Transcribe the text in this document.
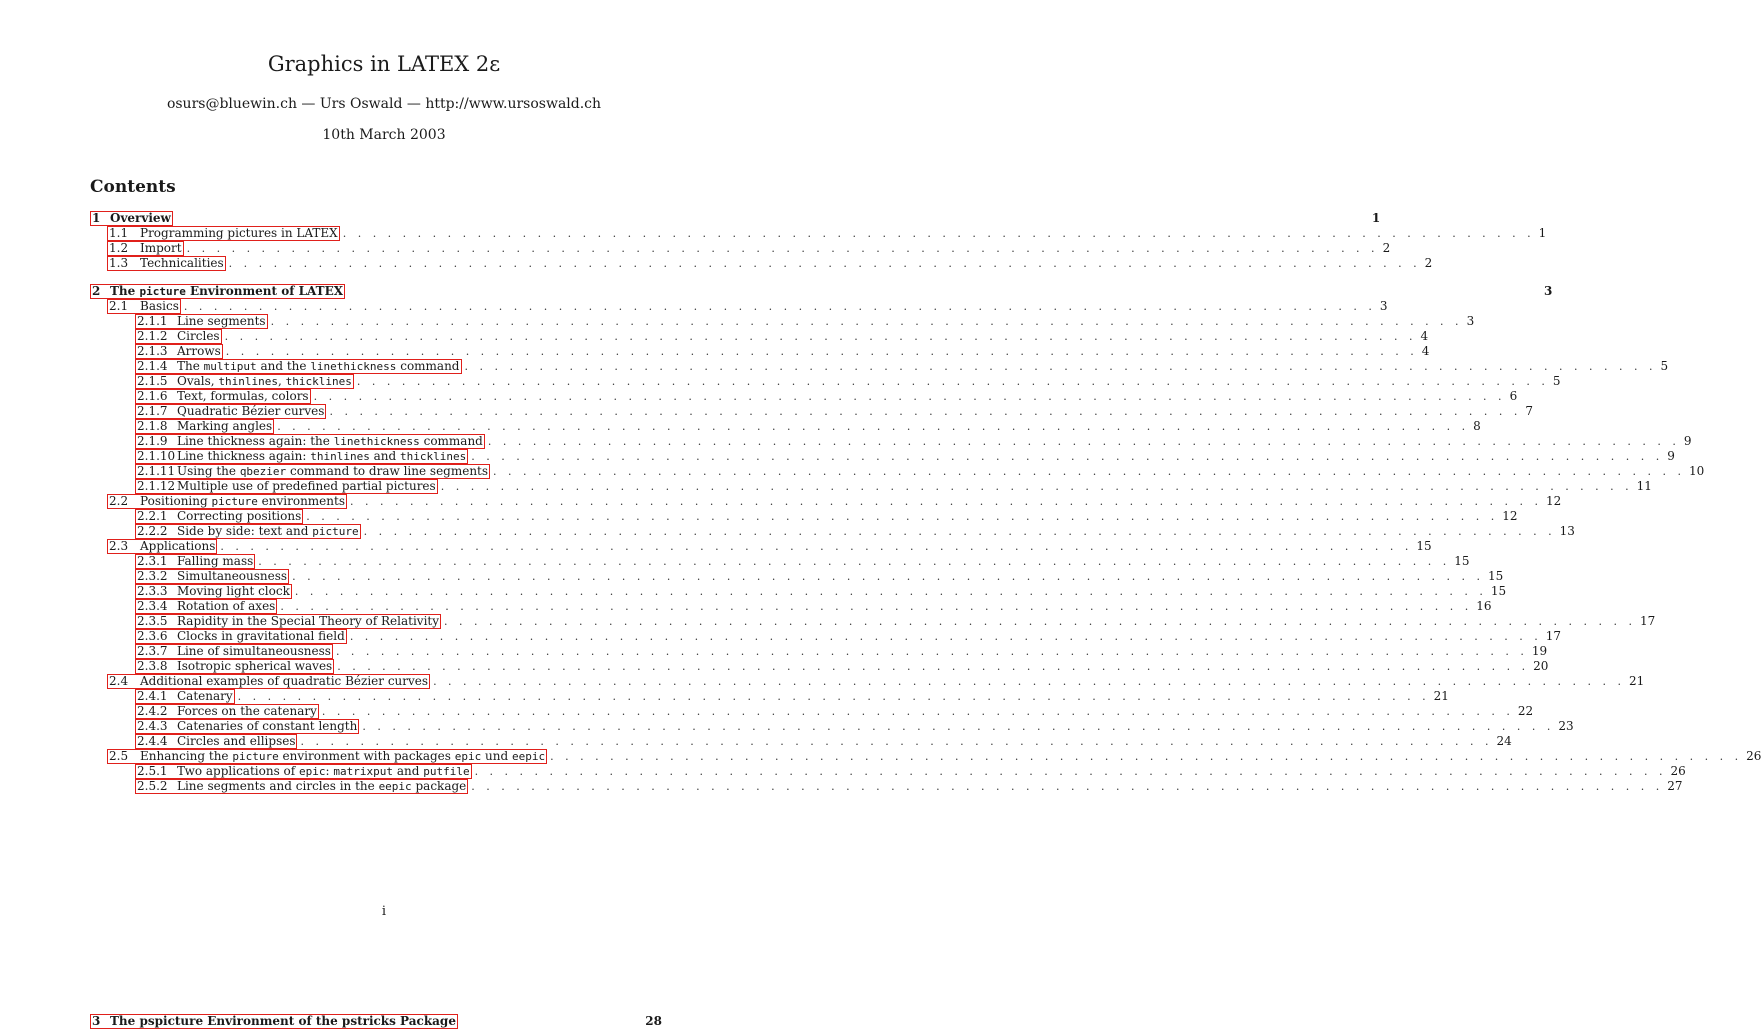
Graphics in LATEX 2ε
osurs@bluewin.ch — Urs Oswald — http://www.ursoswald.ch
10th March 2003
Contents
1 Overview	1
1.1 Programming pictures in LATEX . . . . . . . . . . . . . . . . . . . . . . . . . . . . . . . . . . . . . . . . . . . . . . . . . . . . . . . . . . . . . . . . . . . . . . . . . . . . . . . . 1
1.2 Import . . . . . . . . . . . . . . . . . . . . . . . . . . . . . . . . . . . . . . . . . . . . . . . . . . . . . . . . . . . . . . . . . . . . . . . . . . . . . . . . 2
1.3 Technicalities . . . . . . . . . . . . . . . . . . . . . . . . . . . . . . . . . . . . . . . . . . . . . . . . . . . . . . . . . . . . . . . . . . . . . . . . . . . . . . . . 2
2 The picture Environment of LATEX	3
2.1 Basics . . . . . . . . . . . . . . . . . . . . . . . . . . . . . . . . . . . . . . . . . . . . . . . . . . . . . . . . . . . . . . . . . . . . . . . . . . . . . . . . 3
2.1.1 Line segments . . . . . . . . . . . . . . . . . . . . . . . . . . . . . . . . . . . . . . . . . . . . . . . . . . . . . . . . . . . . . . . . . . . . . . . . . . . . . . . . 3
2.1.2 Circles . . . . . . . . . . . . . . . . . . . . . . . . . . . . . . . . . . . . . . . . . . . . . . . . . . . . . . . . . . . . . . . . . . . . . . . . . . . . . . . . 4
2.1.3 Arrows . . . . . . . . . . . . . . . . . . . . . . . . . . . . . . . . . . . . . . . . . . . . . . . . . . . . . . . . . . . . . . . . . . . . . . . . . . . . . . . . 4
2.1.4 The multiput and the linethickness command . . . . . . . . . . . . . . . . . . . . . . . . . . . . . . . . . . . . . . . . . . . . . . . . . . . . . . . . . . . . . . . . . . . . . . . . . . . . . . . . 5
2.1.5 Ovals, thinlines, thicklines . . . . . . . . . . . . . . . . . . . . . . . . . . . . . . . . . . . . . . . . . . . . . . . . . . . . . . . . . . . . . . . . . . . . . . . . . . . . . . . . 5
2.1.6 Text, formulas, colors . . . . . . . . . . . . . . . . . . . . . . . . . . . . . . . . . . . . . . . . . . . . . . . . . . . . . . . . . . . . . . . . . . . . . . . . . . . . . . . . 6
2.1.7 Quadratic Bézier curves . . . . . . . . . . . . . . . . . . . . . . . . . . . . . . . . . . . . . . . . . . . . . . . . . . . . . . . . . . . . . . . . . . . . . . . . . . . . . . . . 7
2.1.8 Marking angles . . . . . . . . . . . . . . . . . . . . . . . . . . . . . . . . . . . . . . . . . . . . . . . . . . . . . . . . . . . . . . . . . . . . . . . . . . . . . . . . 8
2.1.9 Line thickness again: the linethickness command . . . . . . . . . . . . . . . . . . . . . . . . . . . . . . . . . . . . . . . . . . . . . . . . . . . . . . . . . . . . . . . . . . . . . . . . . . . . . . . . 9
2.1.10 Line thickness again: thinlines and thicklines . . . . . . . . . . . . . . . . . . . . . . . . . . . . . . . . . . . . . . . . . . . . . . . . . . . . . . . . . . . . . . . . . . . . . . . . . . . . . . . . 9
2.1.11 Using the qbezier command to draw line segments . . . . . . . . . . . . . . . . . . . . . . . . . . . . . . . . . . . . . . . . . . . . . . . . . . . . . . . . . . . . . . . . . . . . . . . . . . . . . . . . 10
2.1.12 Multiple use of predefined partial pictures . . . . . . . . . . . . . . . . . . . . . . . . . . . . . . . . . . . . . . . . . . . . . . . . . . . . . . . . . . . . . . . . . . . . . . . . . . . . . . . . 11
2.2 Positioning picture environments . . . . . . . . . . . . . . . . . . . . . . . . . . . . . . . . . . . . . . . . . . . . . . . . . . . . . . . . . . . . . . . . . . . . . . . . . . . . . . . . 12
2.2.1 Correcting positions . . . . . . . . . . . . . . . . . . . . . . . . . . . . . . . . . . . . . . . . . . . . . . . . . . . . . . . . . . . . . . . . . . . . . . . . . . . . . . . . 12
2.2.2 Side by side: text and picture . . . . . . . . . . . . . . . . . . . . . . . . . . . . . . . . . . . . . . . . . . . . . . . . . . . . . . . . . . . . . . . . . . . . . . . . . . . . . . . . 13
2.3 Applications . . . . . . . . . . . . . . . . . . . . . . . . . . . . . . . . . . . . . . . . . . . . . . . . . . . . . . . . . . . . . . . . . . . . . . . . . . . . . . . . 15
2.3.1 Falling mass . . . . . . . . . . . . . . . . . . . . . . . . . . . . . . . . . . . . . . . . . . . . . . . . . . . . . . . . . . . . . . . . . . . . . . . . . . . . . . . . 15
2.3.2 Simultaneousness . . . . . . . . . . . . . . . . . . . . . . . . . . . . . . . . . . . . . . . . . . . . . . . . . . . . . . . . . . . . . . . . . . . . . . . . . . . . . . . . 15
2.3.3 Moving light clock . . . . . . . . . . . . . . . . . . . . . . . . . . . . . . . . . . . . . . . . . . . . . . . . . . . . . . . . . . . . . . . . . . . . . . . . . . . . . . . . 15
2.3.4 Rotation of axes . . . . . . . . . . . . . . . . . . . . . . . . . . . . . . . . . . . . . . . . . . . . . . . . . . . . . . . . . . . . . . . . . . . . . . . . . . . . . . . . 16
2.3.5 Rapidity in the Special Theory of Relativity . . . . . . . . . . . . . . . . . . . . . . . . . . . . . . . . . . . . . . . . . . . . . . . . . . . . . . . . . . . . . . . . . . . . . . . . . . . . . . . . 17
2.3.6 Clocks in gravitational field . . . . . . . . . . . . . . . . . . . . . . . . . . . . . . . . . . . . . . . . . . . . . . . . . . . . . . . . . . . . . . . . . . . . . . . . . . . . . . . . 17
2.3.7 Line of simultaneousness . . . . . . . . . . . . . . . . . . . . . . . . . . . . . . . . . . . . . . . . . . . . . . . . . . . . . . . . . . . . . . . . . . . . . . . . . . . . . . . . 19
2.3.8 Isotropic spherical waves . . . . . . . . . . . . . . . . . . . . . . . . . . . . . . . . . . . . . . . . . . . . . . . . . . . . . . . . . . . . . . . . . . . . . . . . . . . . . . . . 20
2.4 Additional examples of quadratic Bézier curves . . . . . . . . . . . . . . . . . . . . . . . . . . . . . . . . . . . . . . . . . . . . . . . . . . . . . . . . . . . . . . . . . . . . . . . . . . . . . . . . 21
2.4.1 Catenary . . . . . . . . . . . . . . . . . . . . . . . . . . . . . . . . . . . . . . . . . . . . . . . . . . . . . . . . . . . . . . . . . . . . . . . . . . . . . . . . 21
2.4.2 Forces on the catenary . . . . . . . . . . . . . . . . . . . . . . . . . . . . . . . . . . . . . . . . . . . . . . . . . . . . . . . . . . . . . . . . . . . . . . . . . . . . . . . . 22
2.4.3 Catenaries of constant length . . . . . . . . . . . . . . . . . . . . . . . . . . . . . . . . . . . . . . . . . . . . . . . . . . . . . . . . . . . . . . . . . . . . . . . . . . . . . . . . 23
2.4.4 Circles and ellipses . . . . . . . . . . . . . . . . . . . . . . . . . . . . . . . . . . . . . . . . . . . . . . . . . . . . . . . . . . . . . . . . . . . . . . . . . . . . . . . . 24
2.5 Enhancing the picture environment with packages epic und eepic . . . . . . . . . . . . . . . . . . . . . . . . . . . . . . . . . . . . . . . . . . . . . . . . . . . . . . . . . . . . . . . . . . . . . . . . . . . . . . . . 26
2.5.1 Two applications of epic: matrixput and putfile . . . . . . . . . . . . . . . . . . . . . . . . . . . . . . . . . . . . . . . . . . . . . . . . . . . . . . . . . . . . . . . . . . . . . . . . . . . . . . . . 26
2.5.2 Line segments and circles in the eepic package . . . . . . . . . . . . . . . . . . . . . . . . . . . . . . . . . . . . . . . . . . . . . . . . . . . . . . . . . . . . . . . . . . . . . . . . . . . . . . . . 27
i
3 The pspicture Environment of the pstricks Package	28
